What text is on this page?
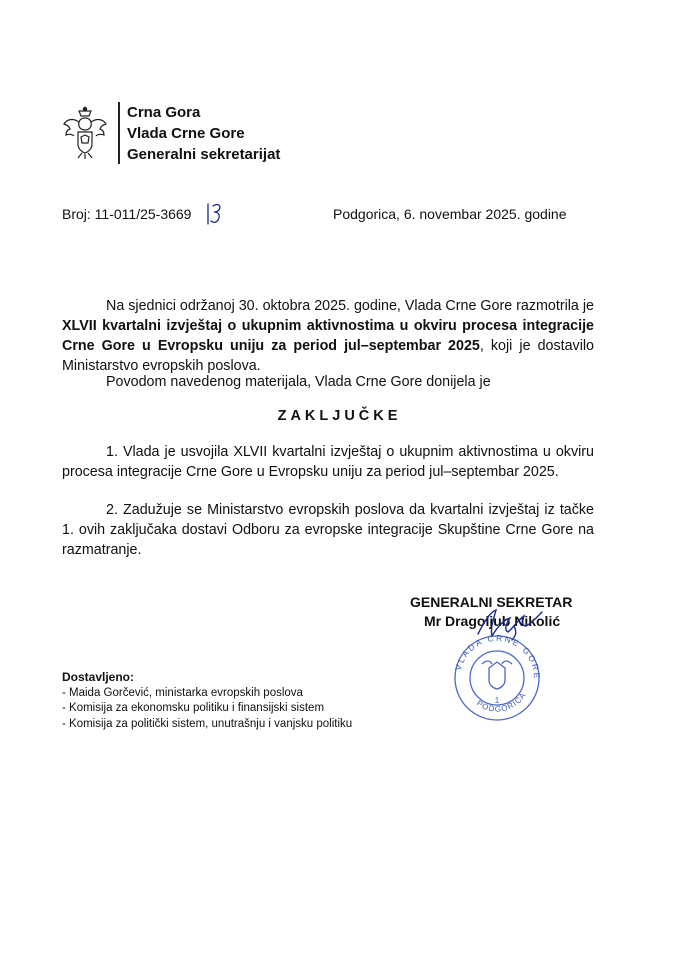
Crna Gora
Vlada Crne Gore
Generalni sekretarijat
Broj: 11-011/25-3669	Podgorica, 6. novembar 2025. godine
Na sjednici održanoj 30. oktobra 2025. godine, Vlada Crne Gore razmotrila je XLVII kvartalni izvještaj o ukupnim aktivnostima u okviru procesa integracije Crne Gore u Evropsku uniju za period jul–septembar 2025, koji je dostavilo Ministarstvo evropskih poslova.
Povodom navedenog materijala, Vlada Crne Gore donijela je
ZAKLJUČKE
1. Vlada je usvojila XLVII kvartalni izvještaj o ukupnim aktivnostima u okviru procesa integracije Crne Gore u Evropsku uniju za period jul–septembar 2025.
2. Zadužuje se Ministarstvo evropskih poslova da kvartalni izvještaj iz tačke 1. ovih zaključaka dostavi Odboru za evropske integracije Skupštine Crne Gore na razmatranje.
GENERALNI SEKRETAR
Mr Dragoljub Nikolić
VLADA CRNE GORE
PODGORICA
1
Dostavljeno:
- Maida Gorčević, ministarka evropskih poslova
- Komisija za ekonomsku politiku i finansijski sistem
- Komisija za politički sistem, unutrašnju i vanjsku politiku
